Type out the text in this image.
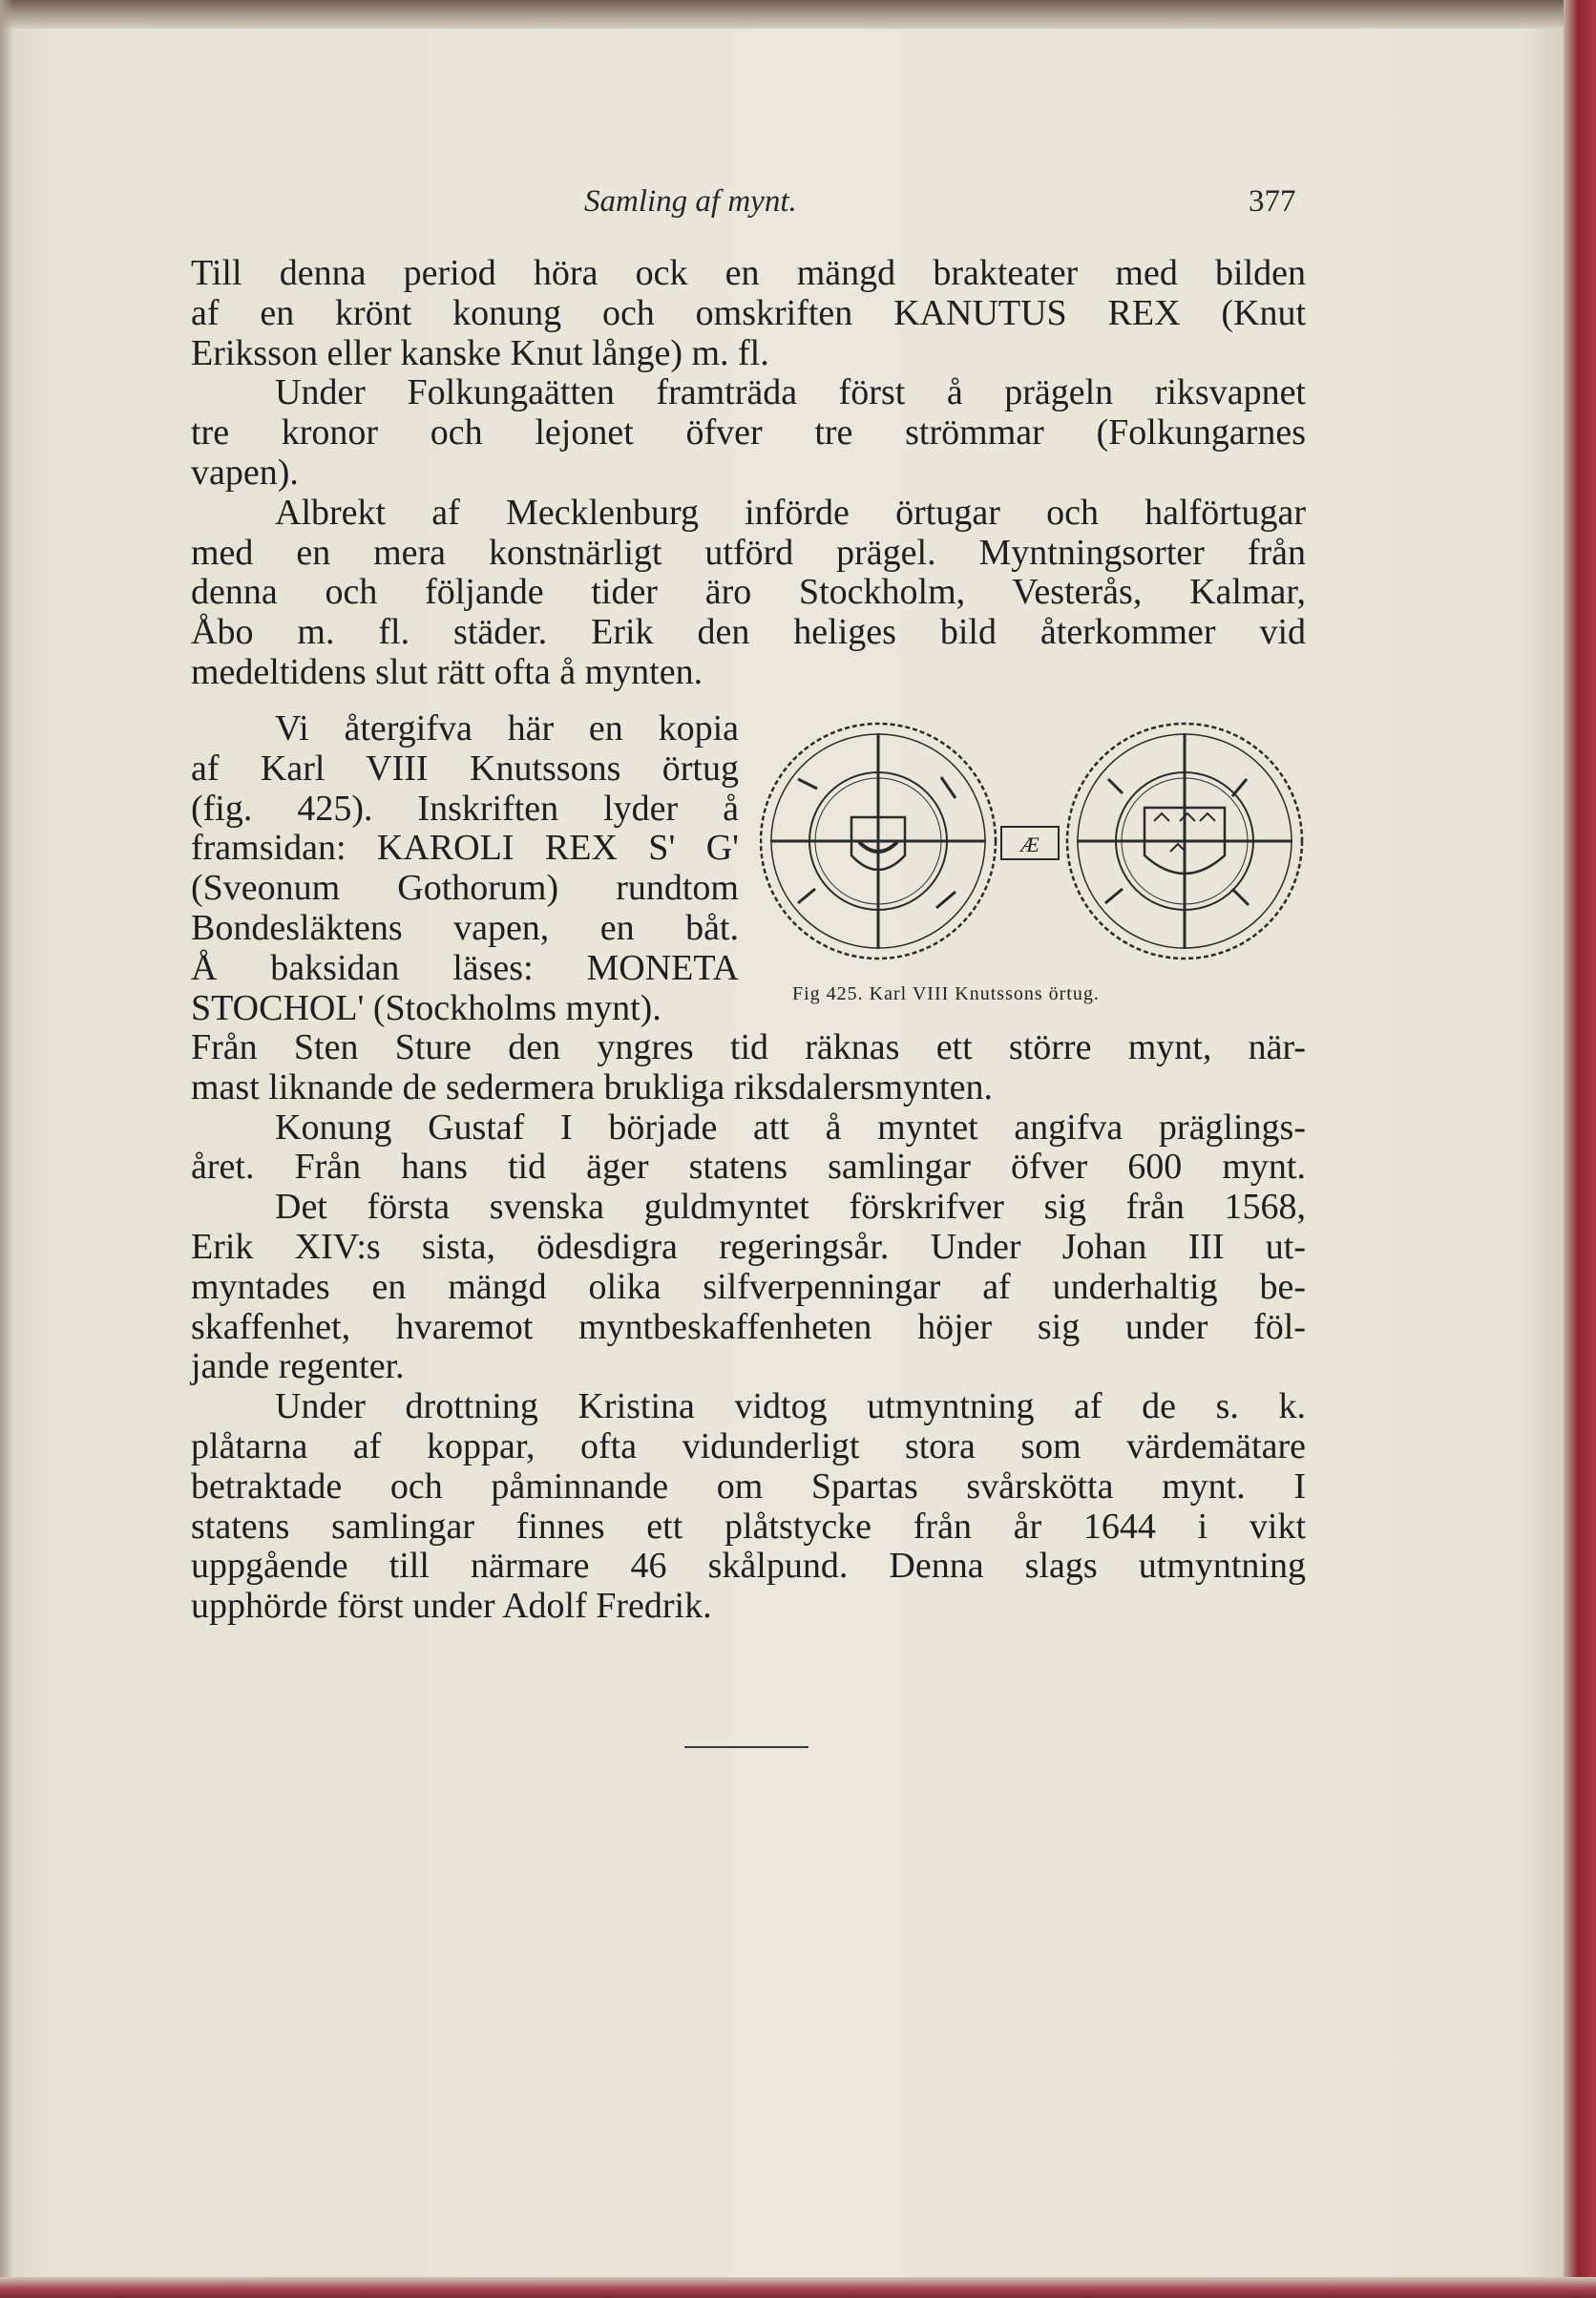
Samling af mynt.	377
Till denna period höra ock en mängd brakteater med bilden
af en krönt konung och omskriften KANUTUS REX (Knut
Eriksson eller kanske Knut långe) m. fl.
Under Folkungaätten framträda först å prägeln riksvapnet
tre kronor och lejonet öfver tre strömmar (Folkungarnes
vapen).
Albrekt af Mecklenburg införde örtugar och halförtugar
med en mera konstnärligt utförd prägel. Myntningsorter från
denna och följande tider äro Stockholm, Vesterås, Kalmar,
Åbo m. fl. städer. Erik den heliges bild återkommer vid
medeltidens slut rätt ofta å mynten.
Vi återgifva här en kopia
af Karl VIII Knutssons örtug
(fig. 425). Inskriften lyder å
framsidan: KAROLI REX S' G'
(Sveonum Gothorum) rundtom
Bondesläktens vapen, en båt.
Å baksidan läses: MONETA
STOCHOL' (Stockholms mynt).
Æ
Fig 425. Karl VIII Knutssons örtug.
Från Sten Sture den yngres tid räknas ett större mynt, när-
mast liknande de sedermera brukliga riksdalersmynten.
Konung Gustaf I började att å myntet angifva präglings-
året. Från hans tid äger statens samlingar öfver 600 mynt.
Det första svenska guldmyntet förskrifver sig från 1568,
Erik XIV:s sista, ödesdigra regeringsår. Under Johan III ut-
myntades en mängd olika silfverpenningar af underhaltig be-
skaffenhet, hvaremot myntbeskaffenheten höjer sig under föl-
jande regenter.
Under drottning Kristina vidtog utmyntning af de s. k.
plåtarna af koppar, ofta vidunderligt stora som värdemätare
betraktade och påminnande om Spartas svårskötta mynt. I
statens samlingar finnes ett plåtstycke från år 1644 i vikt
uppgående till närmare 46 skålpund. Denna slags utmyntning
upphörde först under Adolf Fredrik.
